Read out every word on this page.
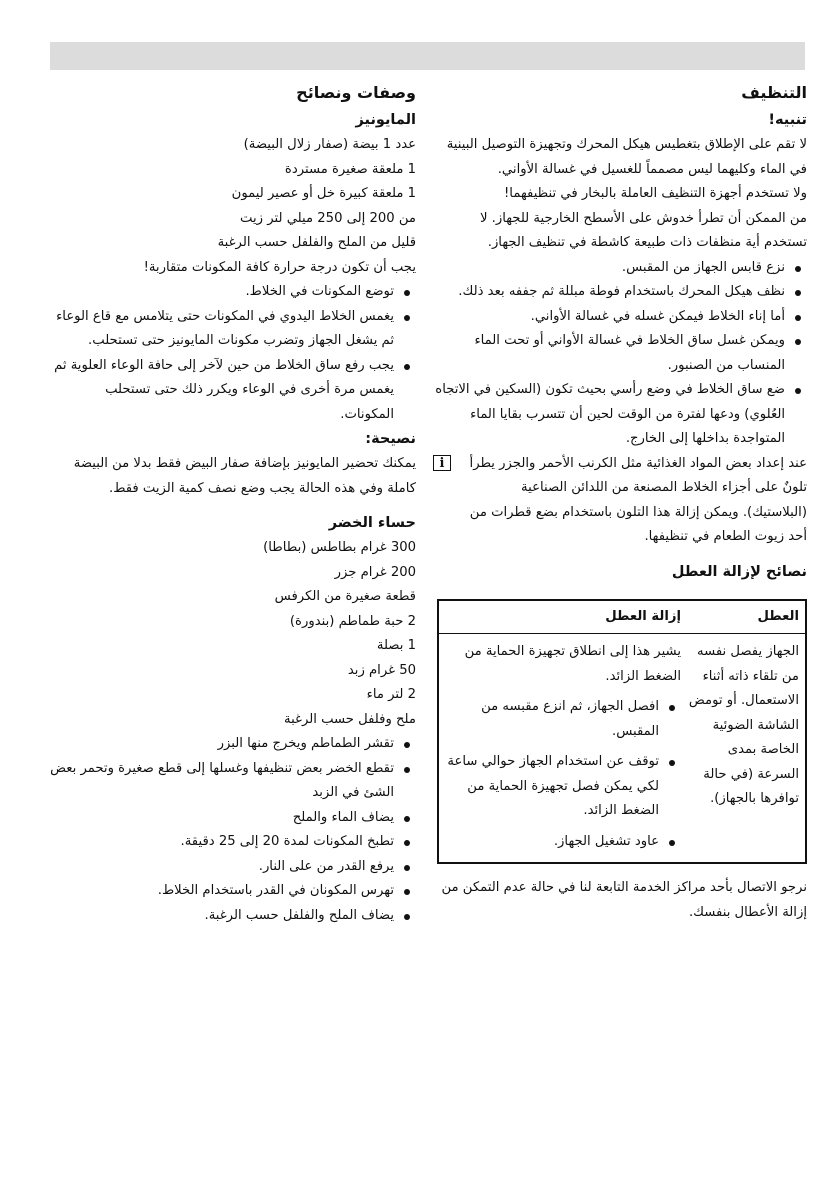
التنظيف
تنبيه!

لا تقم على الإطلاق بتغطيس هيكل المحرك وتجهيزة التوصيل البينية في الماء وكليهما ليس مصمماً للغسيل في غسالة الأواني.

ولا تستخدم أجهزة التنظيف العاملة بالبخار في تنظيفهما!

من الممكن أن تطرأ خدوش على الأسطح الخارجية للجهاز. لا تستخدم أية منظفات ذات طبيعة كاشطة في تنظيف الجهاز.

نزع قابس الجهاز من المقبس.
نظف هيكل المحرك باستخدام فوطة مبللة ثم جففه بعد ذلك.
أما إناء الخلاط فيمكن غسله في غسالة الأواني.
ويمكن غسل ساق الخلاط في غسالة الأواني أو تحت الماء المنساب من الصنبور.
ضع ساق الخلاط في وضع رأسي بحيث تكون (السكين في الاتجاه العُلوي) ودعها لفترة من الوقت لحين أن تتسرب بقايا الماء المتواجدة بداخلها إلى الخارج.
i	عند إعداد بعض المواد الغذائية مثل الكرنب الأحمر والجزر يطرأ تلونٌ على أجزاء الخلاط المصنعة من اللدائن الصناعية (البلاستيك). ويمكن إزالة هذا التلون باستخدام بضع قطرات من أحد زيوت الطعام في تنظيفها.
نصائح لإزالة العطل
العطل
إزالة العطل
الجهاز يفصل نفسه من تلقاء ذاته أثناء الاستعمال. أو تومض الشاشة الضوئية الخاصة بمدى السرعة (في حالة توافرها بالجهاز).

يشير هذا إلى انطلاق تجهيزة الحماية من الضغط الزائد.

افصل الجهاز، ثم انزع مقبسه من المقبس.
توقف عن استخدام الجهاز حوالي ساعة لكي يمكن فصل تجهيزة الحماية من الضغط الزائد.
عاود تشغيل الجهاز.

نرجو الاتصال بأحد مراكز الخدمة التابعة لنا في حالة عدم التمكن من إزالة الأعطال بنفسك.

وصفات ونصائح
المايونيز

عدد 1 بيضة (صفار زلال البيضة)

1 ملعقة صغيرة مستردة

1 ملعقة كبيرة خل أو عصير ليمون

من 200 إلى 250 ميلي لتر زيت

قليل من الملح والفلفل حسب الرغبة

يجب أن تكون درجة حرارة كافة المكونات متقاربة!

توضع المكونات في الخلاط.
يغمس الخلاط اليدوي في المكونات حتى يتلامس مع قاع الوعاء ثم يشغل الجهاز وتضرب مكونات المايونيز حتى تستحلب.
يجب رفع ساق الخلاط من حين لآخر إلى حافة الوعاء العلوية ثم يغمس مرة أخرى في الوعاء ويكرر ذلك حتى تستحلب المكونات.
نصيحة:

يمكنك تحضير المايونيز بإضافة صفار البيض فقط بدلا من البيضة كاملة وفي هذه الحالة يجب وضع نصف كمية الزيت فقط.

حساء الخضر

300 غرام بطاطس (بطاطا)

200 غرام جزر

قطعة صغيرة من الكرفس

2 حبة طماطم (بندورة)

1 بصلة

50 غرام زبد

2 لتر ماء

ملح وفلفل حسب الرغبة

تقشر الطماطم ويخرج منها البزر
تقطع الخضر بعض تنظيفها وغسلها إلى قطع صغيرة وتحمر بعض الشئ في الزبد
يضاف الماء والملح
تطبخ المكونات لمدة 20 إلى 25 دقيقة.
يرفع القدر من على النار.
تهرس المكونان في القدر باستخدام الخلاط.
يضاف الملح والفلفل حسب الرغبة.
